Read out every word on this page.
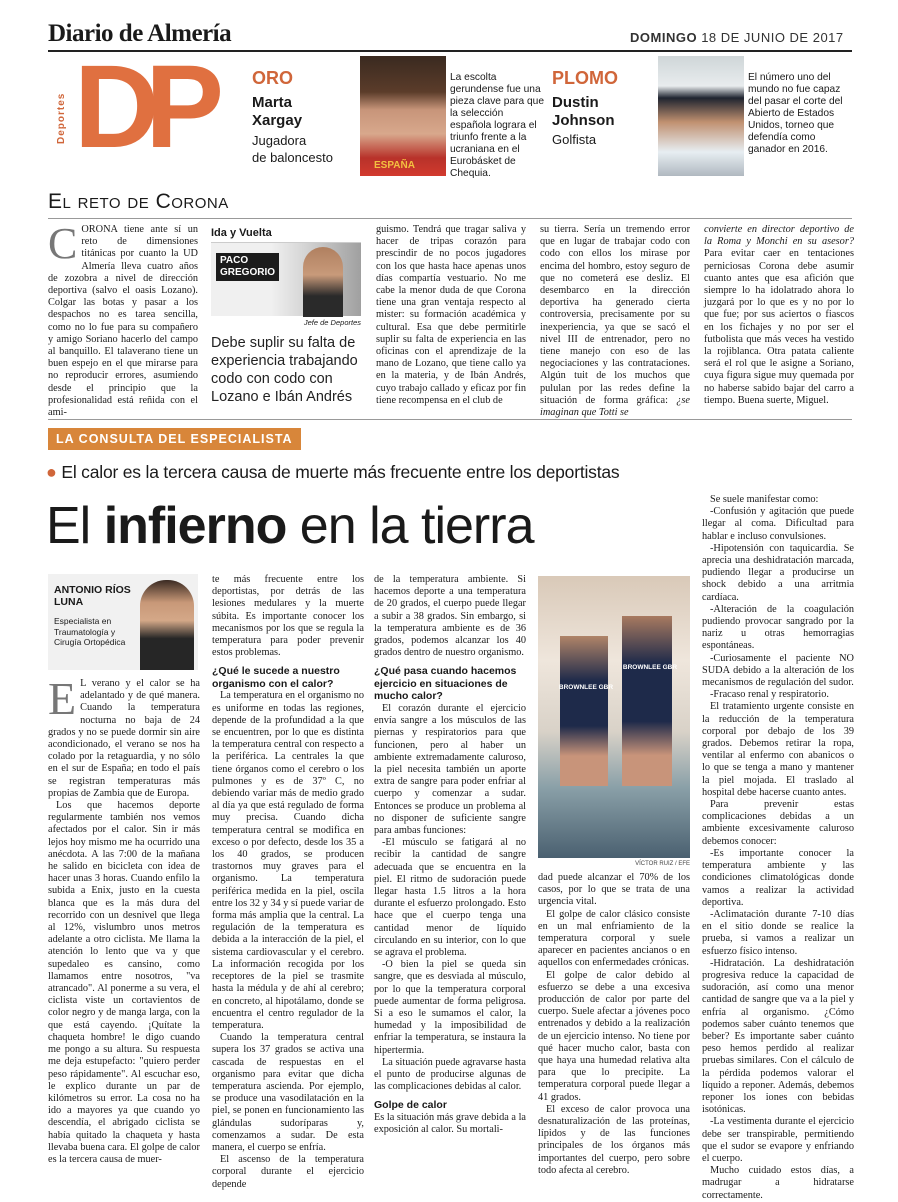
Diario de Almería	DOMINGO 18 DE JUNIO DE 2017
Deportes DP ORO
Marta
Xargay
Jugadora
de baloncesto
ESPAÑA
La escolta gerundense fue una pieza clave para que la selección española lograra el triunfo frente a la ucraniana en el Eurobásket de Chequia.
PLOMO
Dustin
Johnson
Golfista
El número uno del mundo no fue capaz del pasar el corte del Abierto de Estados Unidos, torneo que defendía como ganador en 2016.
El reto de Corona
CORONA tiene ante sí un reto de dimensiones titánicas por cuanto la UD Almería lleva cuatro años de zozobra a nivel de dirección deportiva (salvo el oasis Lozano). Colgar las botas y pasar a los despachos no es tarea sencilla, como no lo fue para su compañero y amigo Soriano hacerlo del campo al banquillo. El talaverano tiene un buen espejo en el que mirarse para no reproducir errores, asumiendo desde el principio que la profesionalidad está reñida con el ami-
Ida y Vuelta
PACO
GREGORIO
Jefe de Deportes
Debe suplir su falta de experiencia trabajando codo con codo con Lozano e Ibán Andrés
guismo. Tendrá que tragar saliva y hacer de tripas corazón para prescindir de no pocos jugadores con los que hasta hace apenas unos días compartía vestuario. No me cabe la menor duda de que Corona tiene una gran ventaja respecto al mister: su formación académica y cultural. Esa que debe permitirle suplir su falta de experiencia en las oficinas con el aprendizaje de la mano de Lozano, que tiene callo ya en la materia, y de Ibán Andrés, cuyo trabajo callado y eficaz por fin tiene recompensa en el club de
su tierra. Sería un tremendo error que en lugar de trabajar codo con codo con ellos los mirase por encima del hombro, estoy seguro de que no cometerá ese desliz. El desembarco en la dirección deportiva ha generado cierta controversia, precisamente por su inexperiencia, ya que se sacó el nivel III de entrenador, pero no tiene manejo con eso de las negociaciones y las contrataciones. Algún tuit de los muchos que pululan por las redes define la situación de forma gráfica: ¿se imaginan que Totti se
convierte en director deportivo de la Roma y Monchi en su asesor? Para evitar caer en tentaciones perniciosas Corona debe asumir cuanto antes que esa afición que siempre lo ha idolatrado ahora lo juzgará por lo que es y no por lo que fue; por sus aciertos o fiascos en los fichajes y no por ser el futbolista que más veces ha vestido la rojiblanca. Otra patata caliente será el rol que le asigne a Soriano, cuya figura sigue muy quemada por no haberse sabido bajar del carro a tiempo. Buena suerte, Miguel.
LA CONSULTA DEL ESPECIALISTA
● El calor es la tercera causa de muerte más frecuente entre los deportistas
El infierno en la tierra
ANTONIO RÍOS
LUNA
Especialista en Traumatología y Cirugía Ortopédica

E L verano y el calor se ha adelantado y de qué manera. Cuando la temperatura nocturna no baja de 24 grados y no se puede dormir sin aire acondicionado, el verano se nos ha colado por la retaguardia, y no sólo en el sur de España; en todo el país se registran temperaturas más propias de Zambia que de Europa.

Los que hacemos deporte regularmente también nos vemos afectados por el calor. Sin ir más lejos hoy mismo me ha ocurrido una anécdota. A las 7:00 de la mañana he salido en bicicleta con idea de hacer unas 3 horas. Cuando enfilo la subida a Enix, justo en la cuesta blanca que es la más dura del recorrido con un desnivel que llega al 12%, vislumbro unos metros adelante a otro ciclista. Me llama la atención lo lento que va y que supedaleo es cansino, como llamamos entre nosotros, "va atrancado". Al ponerme a su vera, el ciclista viste un cortavientos de color negro y de manga larga, con la que está cayendo. ¡Quítate la chaqueta hombre! le digo cuando me pongo a su altura. Su respuesta me deja estupefacto: "quiero perder peso rápidamente". Al escuchar eso, le explico durante un par de kilómetros su error. La cosa no ha ido a mayores ya que cuando yo descendía, el abrigado ciclista se había quitado la chaqueta y hasta llevaba buena cara. El golpe de calor es la tercera causa de muer-

te más frecuente entre los deportistas, por detrás de las lesiones medulares y la muerte súbita. Es importante conocer los mecanismos por los que se regula la temperatura para poder prevenir estos problemas.

¿Qué le sucede a nuestro organismo con el calor?

La temperatura en el organismo no es uniforme en todas las regiones, depende de la profundidad a la que se encuentren, por lo que es distinta la temperatura central con respecto a la periférica. La centrales la que tiene órganos como el cerebro o los pulmones y es de 37º C, no debiendo variar más de medio grado al día ya que está regulado de forma muy precisa. Cuando dicha temperatura central se modifica en exceso o por defecto, desde los 35 a los 40 grados, se producen trastornos muy graves para el organismo. La temperatura periférica medida en la piel, oscila entre los 32 y 34 y sí puede variar de forma más amplia que la central. La regulación de la temperatura es debida a la interacción de la piel, el sistema cardiovascular y el cerebro. La información recogida por los receptores de la piel se trasmite hasta la médula y de ahí al cerebro; en concreto, al hipotálamo, donde se encuentra el centro regulador de la temperatura.

Cuando la temperatura central supera los 37 grados se activa una cascada de respuestas en el organismo para evitar que dicha temperatura ascienda. Por ejemplo, se produce una vasodilatación en la piel, se ponen en funcionamiento las glándulas sudoríparas y, comenzamos a sudar. De esta manera, el cuerpo se enfría.

El ascenso de la temperatura corporal durante el ejercicio depende

de la temperatura ambiente. Si hacemos deporte a una temperatura de 20 grados, el cuerpo puede llegar a subir a 38 grados. Sin embargo, si la temperatura ambiente es de 36 grados, podemos alcanzar los 40 grados dentro de nuestro organismo.

¿Qué pasa cuando hacemos ejercicio en situaciones de mucho calor?

El corazón durante el ejercicio envía sangre a los músculos de las piernas y respiratorios para que funcionen, pero al haber un ambiente extremadamente caluroso, la piel necesita también un aporte extra de sangre para poder enfriar al cuerpo y comenzar a sudar. Entonces se produce un problema al no disponer de suficiente sangre para ambas funciones:

-El músculo se fatigará al no recibir la cantidad de sangre adecuada que se encuentra en la piel. El ritmo de sudoración puede llegar hasta 1.5 litros a la hora durante el esfuerzo prolongado. Esto hace que el cuerpo tenga una cantidad menor de líquido circulando en su interior, con lo que se agrava el problema.

-O bien la piel se queda sin sangre, que es desviada al músculo, por lo que la temperatura corporal puede aumentar de forma peligrosa. Si a eso le sumamos el calor, la humedad y la imposibilidad de enfriar la temperatura, se instaura la hipertermia.

La situación puede agravarse hasta el punto de producirse algunas de las complicaciones debidas al calor.

Golpe de calor

Es la situación más grave debida a la exposición al calor. Su mortali-

BROWNLEE GBR
BROWNLEE GBR
VÍCTOR RUIZ / EFE

dad puede alcanzar el 70% de los casos, por lo que se trata de una urgencia vital.

El golpe de calor clásico consiste en un mal enfriamiento de la temperatura corporal y suele aparecer en pacientes ancianos o en aquellos con enfermedades crónicas.

El golpe de calor debido al esfuerzo se debe a una excesiva producción de calor por parte del cuerpo. Suele afectar a jóvenes poco entrenados y debido a la realización de un ejercicio intenso. No tiene por qué hacer mucho calor, basta con que haya una humedad relativa alta para que lo precipite. La temperatura corporal puede llegar a 41 grados.

El exceso de calor provoca una desnaturalización de las proteínas, lípidos y de las funciones principales de los órganos más importantes del cuerpo, pero sobre todo afecta al cerebro.

Se suele manifestar como:

-Confusión y agitación que puede llegar al coma. Dificultad para hablar e incluso convulsiones.

-Hipotensión con taquicardia. Se aprecia una deshidratación marcada, pudiendo llegar a producirse un shock debido a una arritmia cardíaca.

-Alteración de la coagulación pudiendo provocar sangrado por la nariz u otras hemorragias espontáneas.

-Curiosamente el paciente NO SUDA debido a la alteración de los mecanismos de regulación del sudor.

-Fracaso renal y respiratorio.

El tratamiento urgente consiste en la reducción de la temperatura corporal por debajo de los 39 grados. Debemos retirar la ropa, ventilar al enfermo con abanicos o lo que se tenga a mano y mantener la piel mojada. El traslado al hospital debe hacerse cuanto antes.

Para prevenir estas complicaciones debidas a un ambiente excesivamente caluroso debemos conocer:

-Es importante conocer la temperatura ambiente y las condiciones climatológicas donde vamos a realizar la actividad deportiva.

-Aclimatación durante 7-10 días en el sitio donde se realice la prueba, si vamos a realizar un esfuerzo físico intenso.

-Hidratación. La deshidratación progresiva reduce la capacidad de sudoración, así como una menor cantidad de sangre que va a la piel y enfría al organismo. ¿Cómo podemos saber cuánto tenemos que beber? Es importante saber cuánto peso hemos perdido al realizar pruebas similares. Con el cálculo de la pérdida podemos valorar el líquido a reponer. Además, debemos reponer los iones con bebidas isotónicas.

-La vestimenta durante el ejercicio debe ser transpirable, permitiendo que el sudor se evapore y enfriando el cuerpo.

Mucho cuidado estos días, a madrugar a hidratarse correctamente.
